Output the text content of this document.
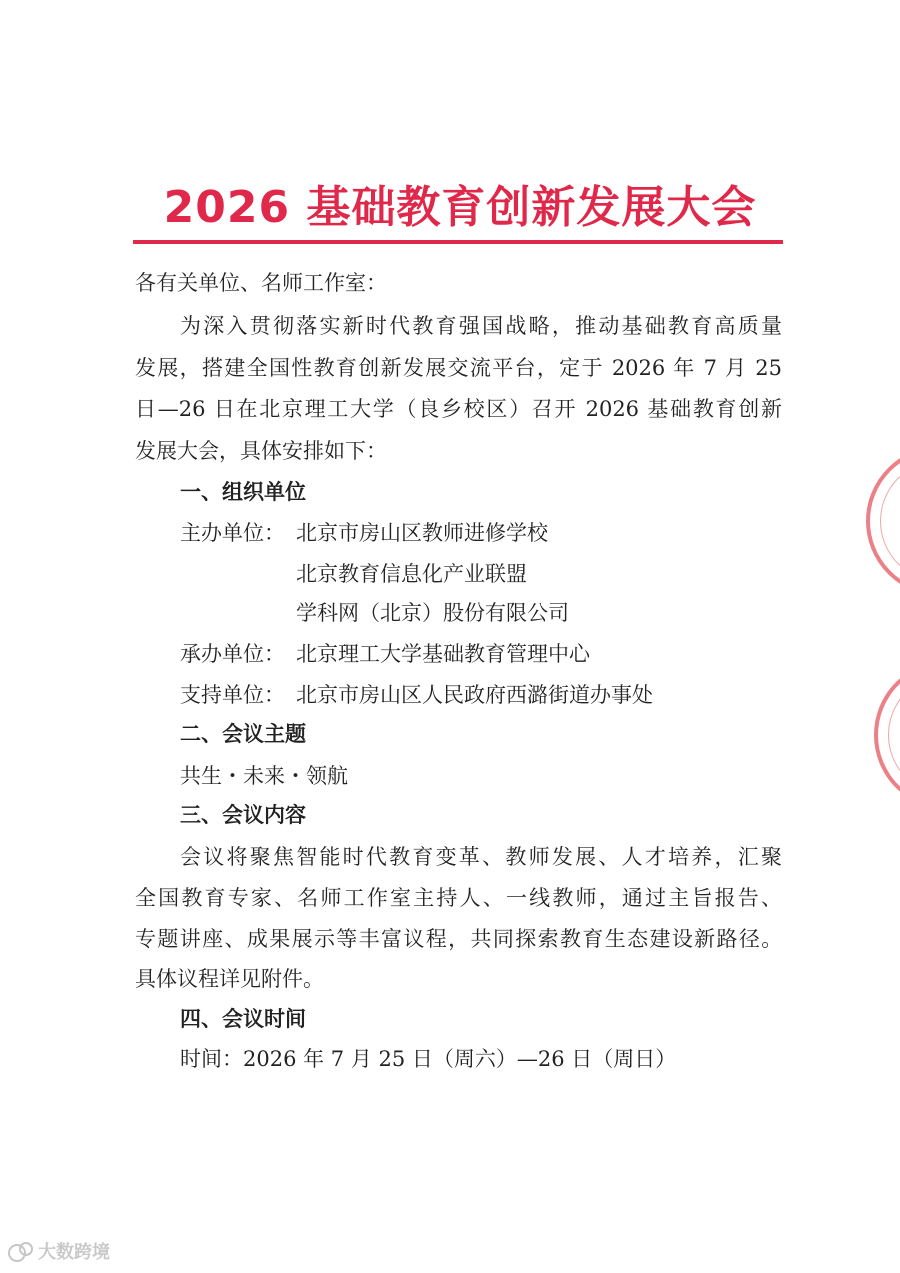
2026 基础教育创新发展大会
各有关单位、名师工作室：
为深入贯彻落实新时代教育强国战略，推动基础教育高质量
发展，搭建全国性教育创新发展交流平台，定于 2026 年 7 月 25
日—26 日在北京理工大学（良乡校区）召开 2026 基础教育创新
发展大会，具体安排如下：
一、组织单位
主办单位： 北京市房山区教师进修学校
北京教育信息化产业联盟
学科网（北京）股份有限公司
承办单位： 北京理工大学基础教育管理中心
支持单位： 北京市房山区人民政府西潞街道办事处
二、会议主题
共生・未来・领航
三、会议内容
会议将聚焦智能时代教育变革、教师发展、人才培养，汇聚
全国教育专家、名师工作室主持人、一线教师，通过主旨报告、
专题讲座、成果展示等丰富议程，共同探索教育生态建设新路径。
具体议程详见附件。
四、会议时间
时间：2026 年 7 月 25 日（周六）—26 日（周日）
大数跨境
